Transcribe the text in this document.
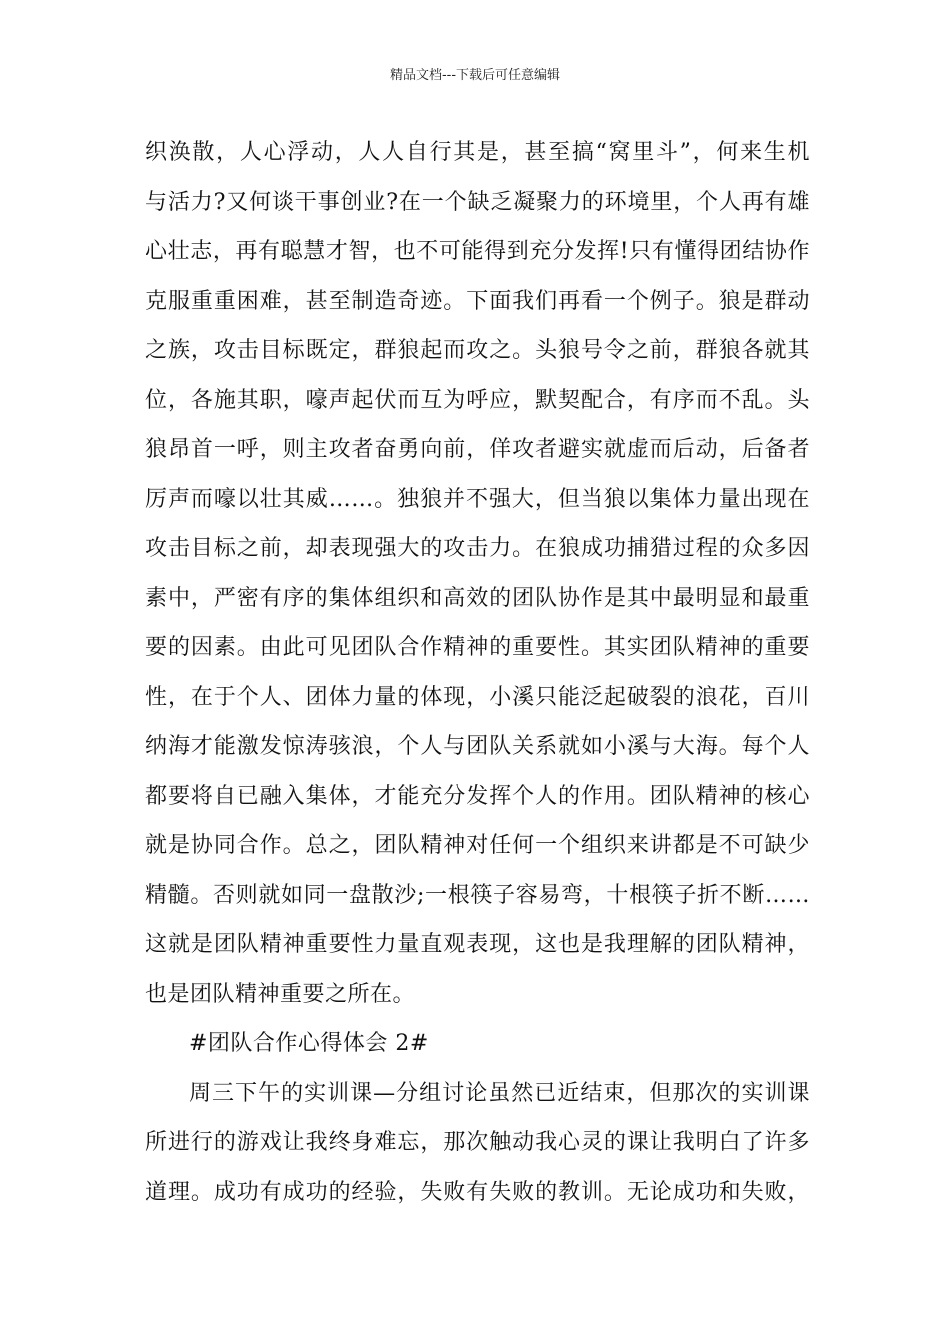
精品文档---下载后可任意编辑
织涣散，人心浮动，人人自行其是，甚至搞“窝里斗”，何来生机
与活力?又何谈干事创业?在一个缺乏凝聚力的环境里，个人再有雄
心壮志，再有聪慧才智，也不可能得到充分发挥!只有懂得团结协作
克服重重困难，甚至制造奇迹。下面我们再看一个例子。狼是群动
之族，攻击目标既定，群狼起而攻之。头狼号令之前，群狼各就其
位，各施其职，嚎声起伏而互为呼应，默契配合，有序而不乱。头
狼昂首一呼，则主攻者奋勇向前，佯攻者避实就虚而后动，后备者
厉声而嚎以壮其威……。独狼并不强大，但当狼以集体力量出现在
攻击目标之前，却表现强大的攻击力。在狼成功捕猎过程的众多因
素中，严密有序的集体组织和高效的团队协作是其中最明显和最重
要的因素。由此可见团队合作精神的重要性。其实团队精神的重要
性，在于个人、团体力量的体现，小溪只能泛起破裂的浪花，百川
纳海才能激发惊涛骇浪，个人与团队关系就如小溪与大海。每个人
都要将自已融入集体，才能充分发挥个人的作用。团队精神的核心
就是协同合作。总之，团队精神对任何一个组织来讲都是不可缺少
精髓。否则就如同一盘散沙;一根筷子容易弯，十根筷子折不断……
这就是团队精神重要性力量直观表现，这也是我理解的团队精神，
也是团队精神重要之所在。
#团队合作心得体会 2#
周三下午的实训课—分组讨论虽然已近结束，但那次的实训课
所进行的游戏让我终身难忘，那次触动我心灵的课让我明白了许多
道理。成功有成功的经验，失败有失败的教训。无论成功和失败，
